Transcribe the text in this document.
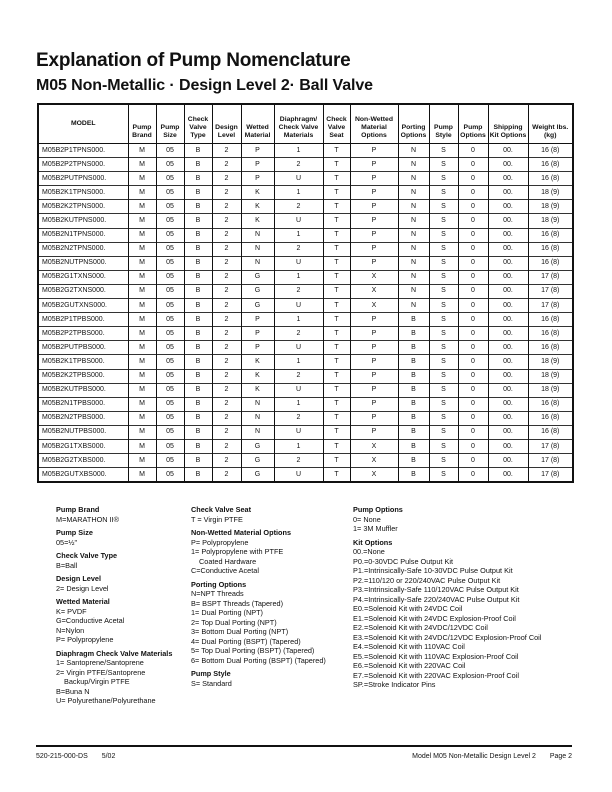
Explanation of Pump Nomenclature
M05 Non-Metallic · Design Level 2· Ball Valve
MODEL	Pump Brand	Pump Size	Check Valve Type	Design Level	Wetted Material	Diaphragm/ Check Valve Materials	Check Valve Seat	Non-Wetted Material Options	Porting Options	Pump Style	Pump Options	Shipping Kit Options	Weight lbs. (kg)
M05B2P1TPNS000.	M	05	B	2	P	1	T	P	N	S	0	00.	16 (8)
M05B2P2TPNS000.	M	05	B	2	P	2	T	P	N	S	0	00.	16 (8)
M05B2PUTPNS000.	M	05	B	2	P	U	T	P	N	S	0	00.	16 (8)
M05B2K1TPNS000.	M	05	B	2	K	1	T	P	N	S	0	00.	18 (9)
M05B2K2TPNS000.	M	05	B	2	K	2	T	P	N	S	0	00.	18 (9)
M05B2KUTPNS000.	M	05	B	2	K	U	T	P	N	S	0	00.	18 (9)
M05B2N1TPNS000.	M	05	B	2	N	1	T	P	N	S	0	00.	16 (8)
M05B2N2TPNS000.	M	05	B	2	N	2	T	P	N	S	0	00.	16 (8)
M05B2NUTPNS000.	M	05	B	2	N	U	T	P	N	S	0	00.	16 (8)
M05B2G1TXNS000.	M	05	B	2	G	1	T	X	N	S	0	00.	17 (8)
M05B2G2TXNS000.	M	05	B	2	G	2	T	X	N	S	0	00.	17 (8)
M05B2GUTXNS000.	M	05	B	2	G	U	T	X	N	S	0	00.	17 (8)
M05B2P1TPBS000.	M	05	B	2	P	1	T	P	B	S	0	00.	16 (8)
M05B2P2TPBS000.	M	05	B	2	P	2	T	P	B	S	0	00.	16 (8)
M05B2PUTPBS000.	M	05	B	2	P	U	T	P	B	S	0	00.	16 (8)
M05B2K1TPBS000.	M	05	B	2	K	1	T	P	B	S	0	00.	18 (9)
M05B2K2TPBS000.	M	05	B	2	K	2	T	P	B	S	0	00.	18 (9)
M05B2KUTPBS000.	M	05	B	2	K	U	T	P	B	S	0	00.	18 (9)
M05B2N1TPBS000.	M	05	B	2	N	1	T	P	B	S	0	00.	16 (8)
M05B2N2TPBS000.	M	05	B	2	N	2	T	P	B	S	0	00.	16 (8)
M05B2NUTPBS000.	M	05	B	2	N	U	T	P	B	S	0	00.	16 (8)
M05B2G1TXBS000.	M	05	B	2	G	1	T	X	B	S	0	00.	17 (8)
M05B2G2TXBS000.	M	05	B	2	G	2	T	X	B	S	0	00.	17 (8)
M05B2GUTXBS000.	M	05	B	2	G	U	T	X	B	S	0	00.	17 (8)
Pump Brand
M=MARATHON II®
Pump Size
05=½"
Check Valve Type
B=Ball
Design Level
2= Design Level
Wetted Material
K= PVDF
G=Conductive Acetal
N=Nylon
P= Polypropylene
Diaphragm Check Valve Materials
1= Santoprene/Santoprene
2= Virgin PTFE/Santoprene
Backup/Virgin PTFE
B=Buna N
U= Polyurethane/Polyurethane
Check Valve Seat
T = Virgin PTFE
Non-Wetted Material Options
P= Polypropylene
1= Polypropylene with PTFE
Coated Hardware
C=Conductive Acetal
Porting Options
N=NPT Threads
B= BSPT Threads (Tapered)
1= Dual Porting (NPT)
2= Top Dual Porting (NPT)
3= Bottom Dual Porting (NPT)
4= Dual Porting (BSPT) (Tapered)
5= Top Dual Porting (BSPT) (Tapered)
6= Bottom Dual Porting (BSPT) (Tapered)
Pump Style
S= Standard
Pump Options
0= None
1= 3M Muffler
Kit Options
00.=None
P0.=0-30VDC Pulse Output Kit
P1.=Intrinsically-Safe 10-30VDC Pulse Output Kit
P2.=110/120 or 220/240VAC Pulse Output Kit
P3.=Intrinsically-Safe 110/120VAC Pulse Output Kit
P4.=Intrinsically-Safe 220/240VAC Pulse Output Kit
E0.=Solenoid Kit with 24VDC Coil
E1.=Solenoid Kit with 24VDC Explosion-Proof Coil
E2.=Solenoid Kit with 24VDC/12VDC Coil
E3.=Solenoid Kit with 24VDC/12VDC Explosion-Proof Coil
E4.=Solenoid Kit with 110VAC Coil
E5.=Solenoid Kit with 110VAC Explosion-Proof Coil
E6.=Solenoid Kit with 220VAC Coil
E7.=Solenoid Kit with 220VAC Explosion-Proof Coil
SP.=Stroke Indicator Pins
520-215-000-DS 5/02	Model M05 Non-Metallic Design Level 2 Page 2
